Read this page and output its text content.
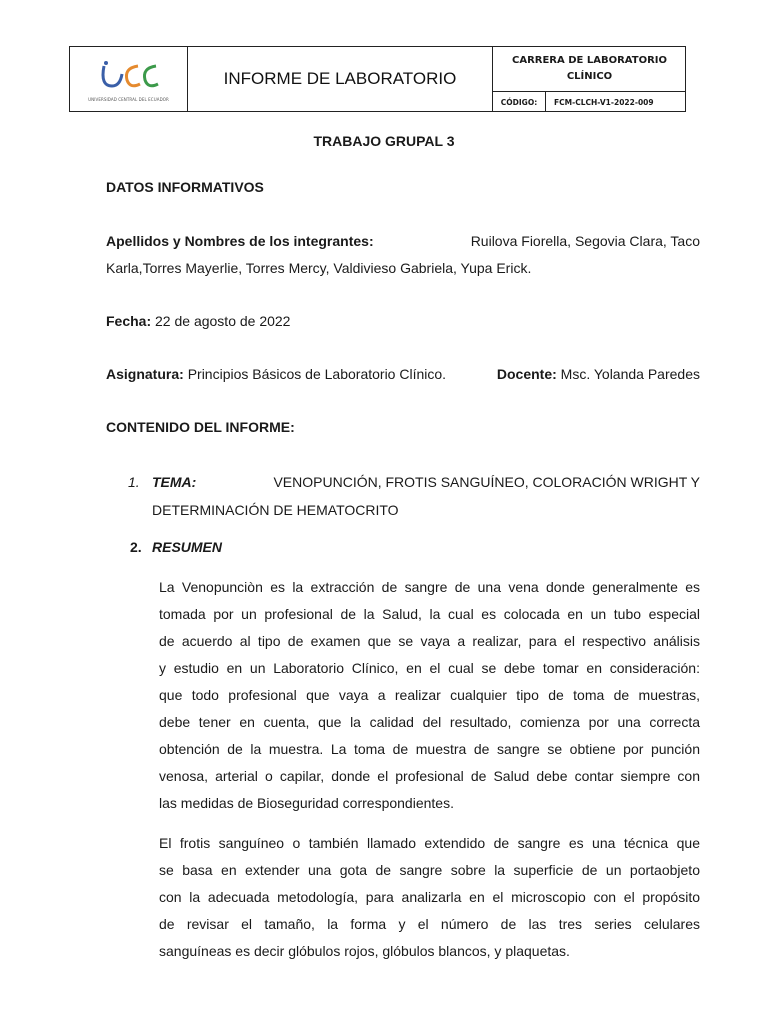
UNIVERSIDAD CENTRAL DEL ECUADOR
INFORME DE LABORATORIO
CARRERA DE LABORATORIO
CLÍNICO
CÓDIGO:	FCM-CLCH-V1-2022-009
TRABAJO GRUPAL 3
DATOS INFORMATIVOS
Apellidos y Nombres de los integrantes:	Ruilova Fiorella, Segovia Clara, Taco
Karla,Torres Mayerlie, Torres Mercy, Valdivieso Gabriela, Yupa Erick.
Fecha: 22 de agosto de 2022
Asignatura: Principios Básicos de Laboratorio Clínico.	Docente: Msc. Yolanda Paredes
CONTENIDO DEL INFORME:
1. TEMA:	VENOPUNCIÓN, FROTIS SANGUÍNEO, COLORACIÓN WRIGHT Y
DETERMINACIÓN DE HEMATOCRITO
2. RESUMEN
La Venopunciòn es la extracción de sangre de una vena donde generalmente es
tomada por un profesional de la Salud, la cual es colocada en un tubo especial
de acuerdo al tipo de examen que se vaya a realizar, para el respectivo análisis
y estudio en un Laboratorio Clínico, en el cual se debe tomar en consideración:
que todo profesional que vaya a realizar cualquier tipo de toma de muestras,
debe tener en cuenta, que la calidad del resultado, comienza por una correcta
obtención de la muestra. La toma de muestra de sangre se obtiene por punción
venosa, arterial o capilar, donde el profesional de Salud debe contar siempre con
las medidas de Bioseguridad correspondientes.
El frotis sanguíneo o también llamado extendido de sangre es una técnica que
se basa en extender una gota de sangre sobre la superficie de un portaobjeto
con la adecuada metodología, para analizarla en el microscopio con el propósito
de revisar el tamaño, la forma y el número de las tres series celulares
sanguíneas es decir glóbulos rojos, glóbulos blancos, y plaquetas.
